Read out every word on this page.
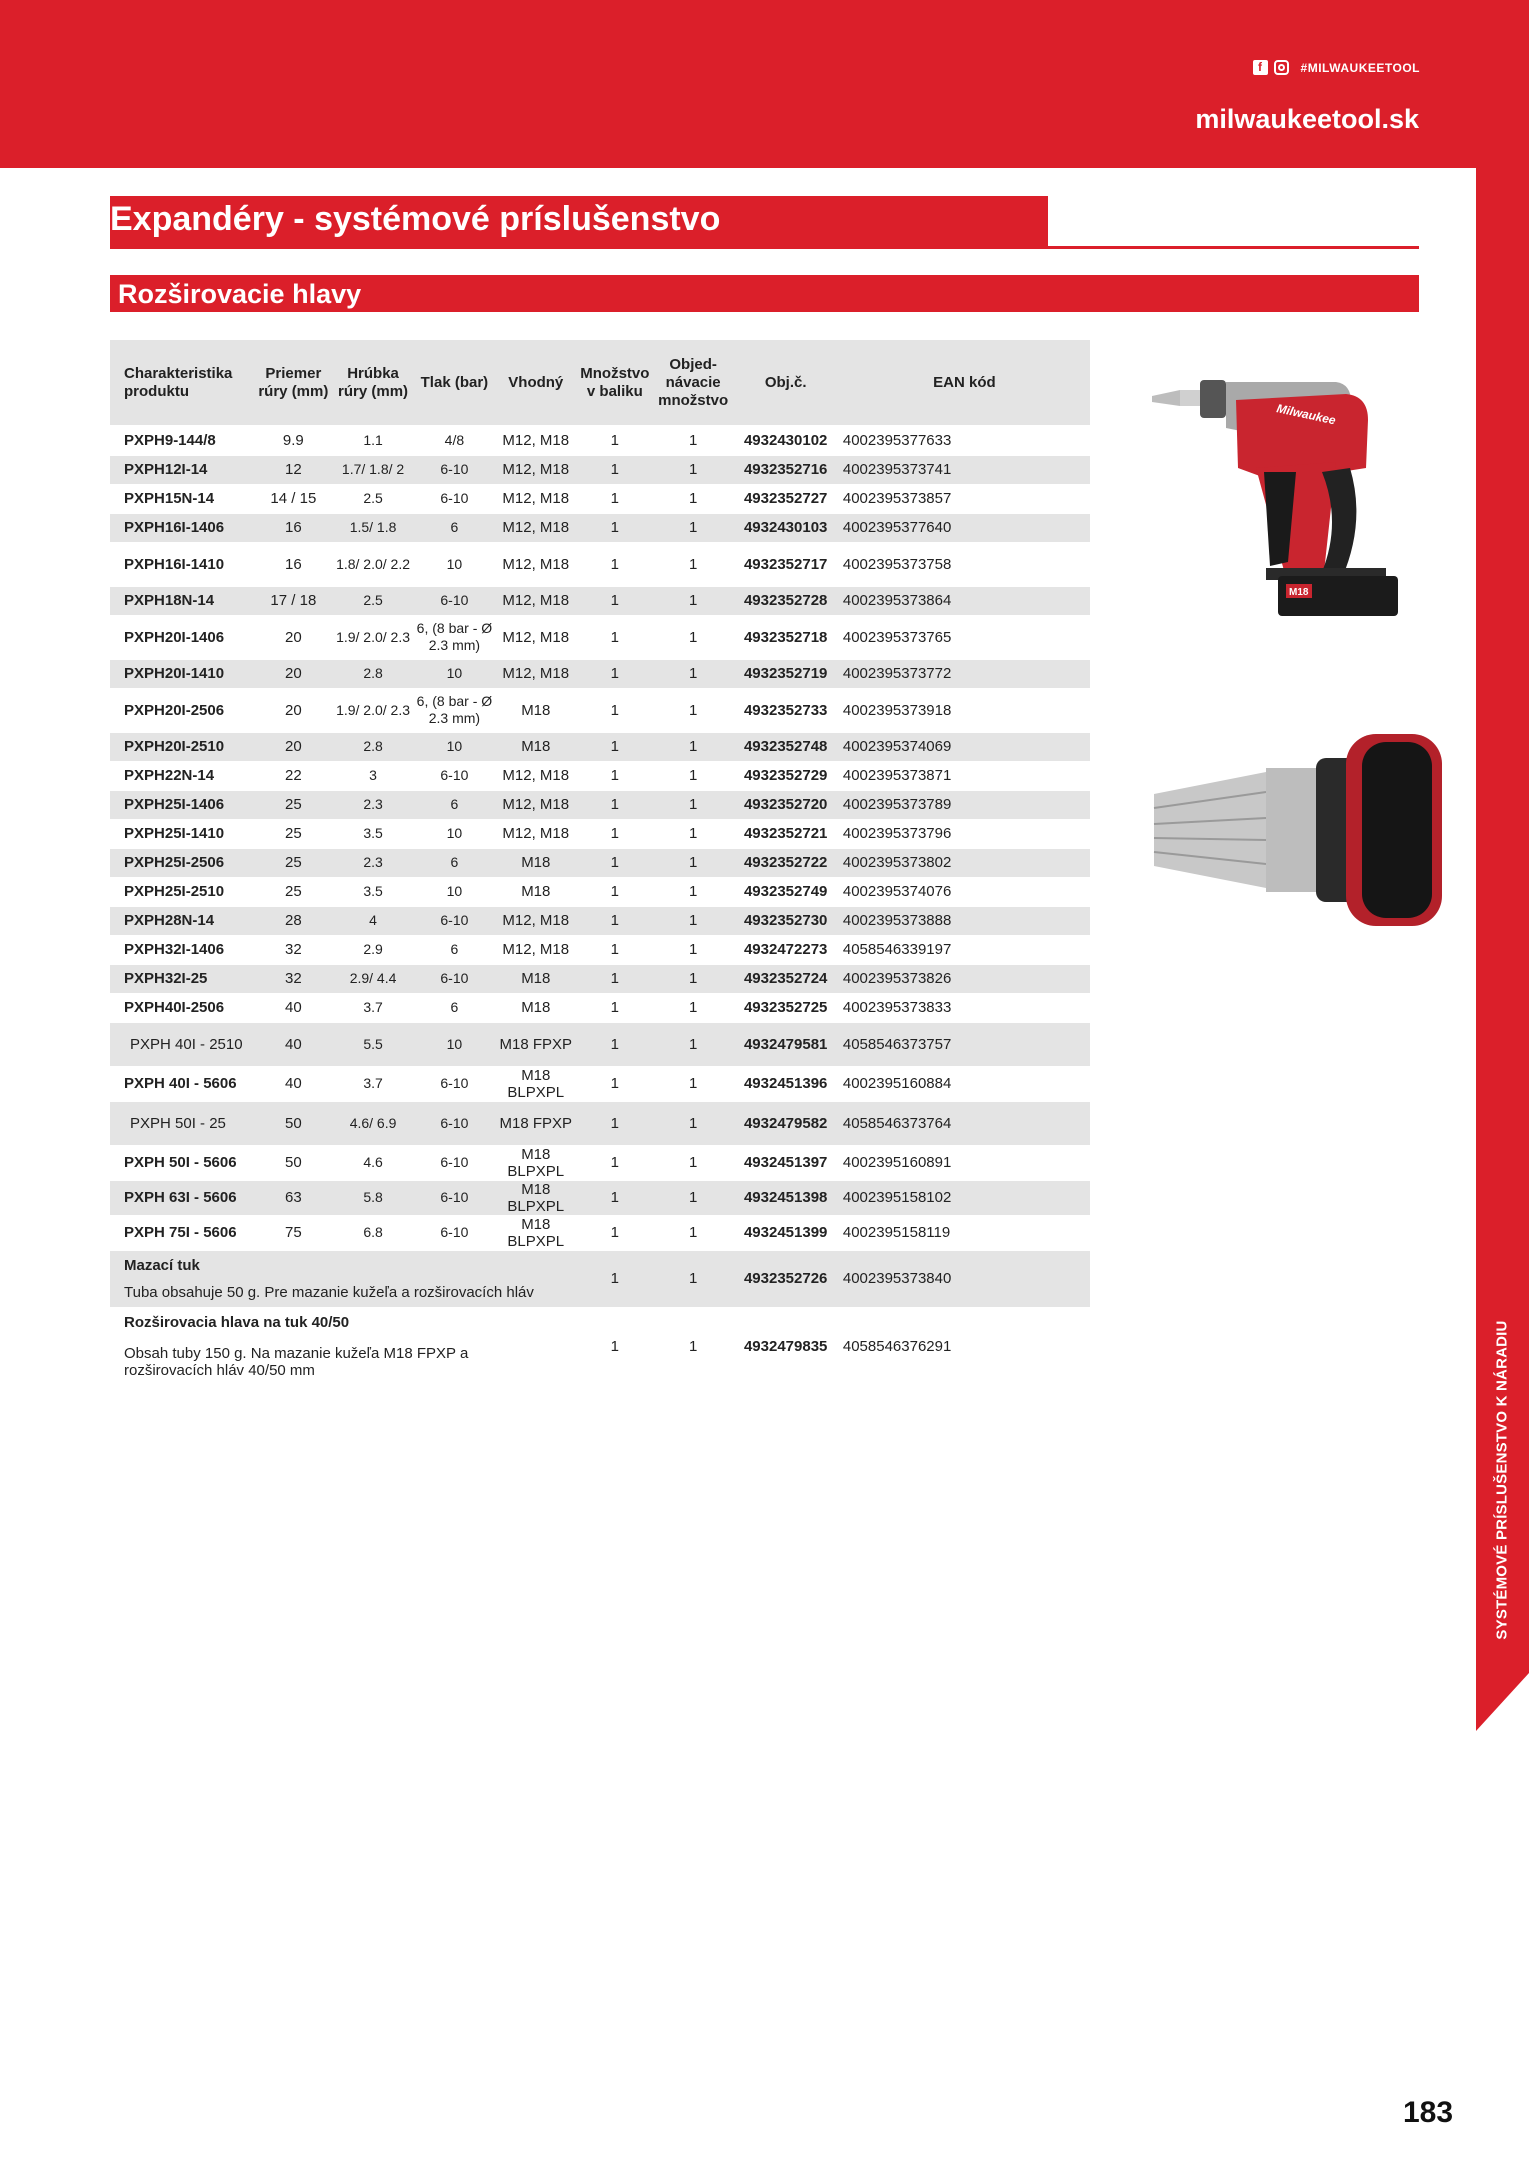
f	#MILWAUKEETOOL
milwaukeetool.sk
SYSTÉMOVÉ PRÍSLUŠENSTVO K NÁRADIU
Expandéry - systémové príslušenstvo
Rozširovacie hlavy
Charakteristika produktu	Priemer rúry (mm)	Hrúbka rúry (mm)	Tlak (bar)	Vhodný	Množstvo v baliku	Objed- návacie množstvo	Obj.č.	EAN kód
PXPH9-144/8	9.9	1.1	4/8	M12, M18	1	1	4932430102	4002395377633
PXPH12I-14	12	1.7/ 1.8/ 2	6-10	M12, M18	1	1	4932352716	4002395373741
PXPH15N-14	14 / 15	2.5	6-10	M12, M18	1	1	4932352727	4002395373857
PXPH16I-1406	16	1.5/ 1.8	6	M12, M18	1	1	4932430103	4002395377640
PXPH16I-1410	16	1.8/ 2.0/ 2.2	10	M12, M18	1	1	4932352717	4002395373758
PXPH18N-14	17 / 18	2.5	6-10	M12, M18	1	1	4932352728	4002395373864
PXPH20I-1406	20	1.9/ 2.0/ 2.3	6, (8 bar - Ø 2.3 mm)	M12, M18	1	1	4932352718	4002395373765
PXPH20I-1410	20	2.8	10	M12, M18	1	1	4932352719	4002395373772
PXPH20I-2506	20	1.9/ 2.0/ 2.3	6, (8 bar - Ø 2.3 mm)	M18	1	1	4932352733	4002395373918
PXPH20I-2510	20	2.8	10	M18	1	1	4932352748	4002395374069
PXPH22N-14	22	3	6-10	M12, M18	1	1	4932352729	4002395373871
PXPH25I-1406	25	2.3	6	M12, M18	1	1	4932352720	4002395373789
PXPH25I-1410	25	3.5	10	M12, M18	1	1	4932352721	4002395373796
PXPH25I-2506	25	2.3	6	M18	1	1	4932352722	4002395373802
PXPH25I-2510	25	3.5	10	M18	1	1	4932352749	4002395374076
PXPH28N-14	28	4	6-10	M12, M18	1	1	4932352730	4002395373888
PXPH32I-1406	32	2.9	6	M12, M18	1	1	4932472273	4058546339197
PXPH32I-25	32	2.9/ 4.4	6-10	M18	1	1	4932352724	4002395373826
PXPH40I-2506	40	3.7	6	M18	1	1	4932352725	4002395373833
PXPH 40I - 2510	40	5.5	10	M18 FPXP	1	1	4932479581	4058546373757
PXPH 40I - 5606	40	3.7	6-10	M18 BLPXPL	1	1	4932451396	4002395160884
PXPH 50I - 25	50	4.6/ 6.9	6-10	M18 FPXP	1	1	4932479582	4058546373764
PXPH 50I - 5606	50	4.6	6-10	M18 BLPXPL	1	1	4932451397	4002395160891
PXPH 63I - 5606	63	5.8	6-10	M18 BLPXPL	1	1	4932451398	4002395158102
PXPH 75I - 5606	75	6.8	6-10	M18 BLPXPL	1	1	4932451399	4002395158119

Mazací tuk
Tuba obsahuje 50 g. Pre mazanie kužeľa a rozširovacích hláv					1	1	4932352726	4002395373840

Rozširovacia hlava na tuk 40/50
Obsah tuby 150 g. Na mazanie kužeľa M18 FPXP a rozširovacích hláv 40/50 mm					1	1	4932479835	4058546376291
M18
Milwaukee
183
